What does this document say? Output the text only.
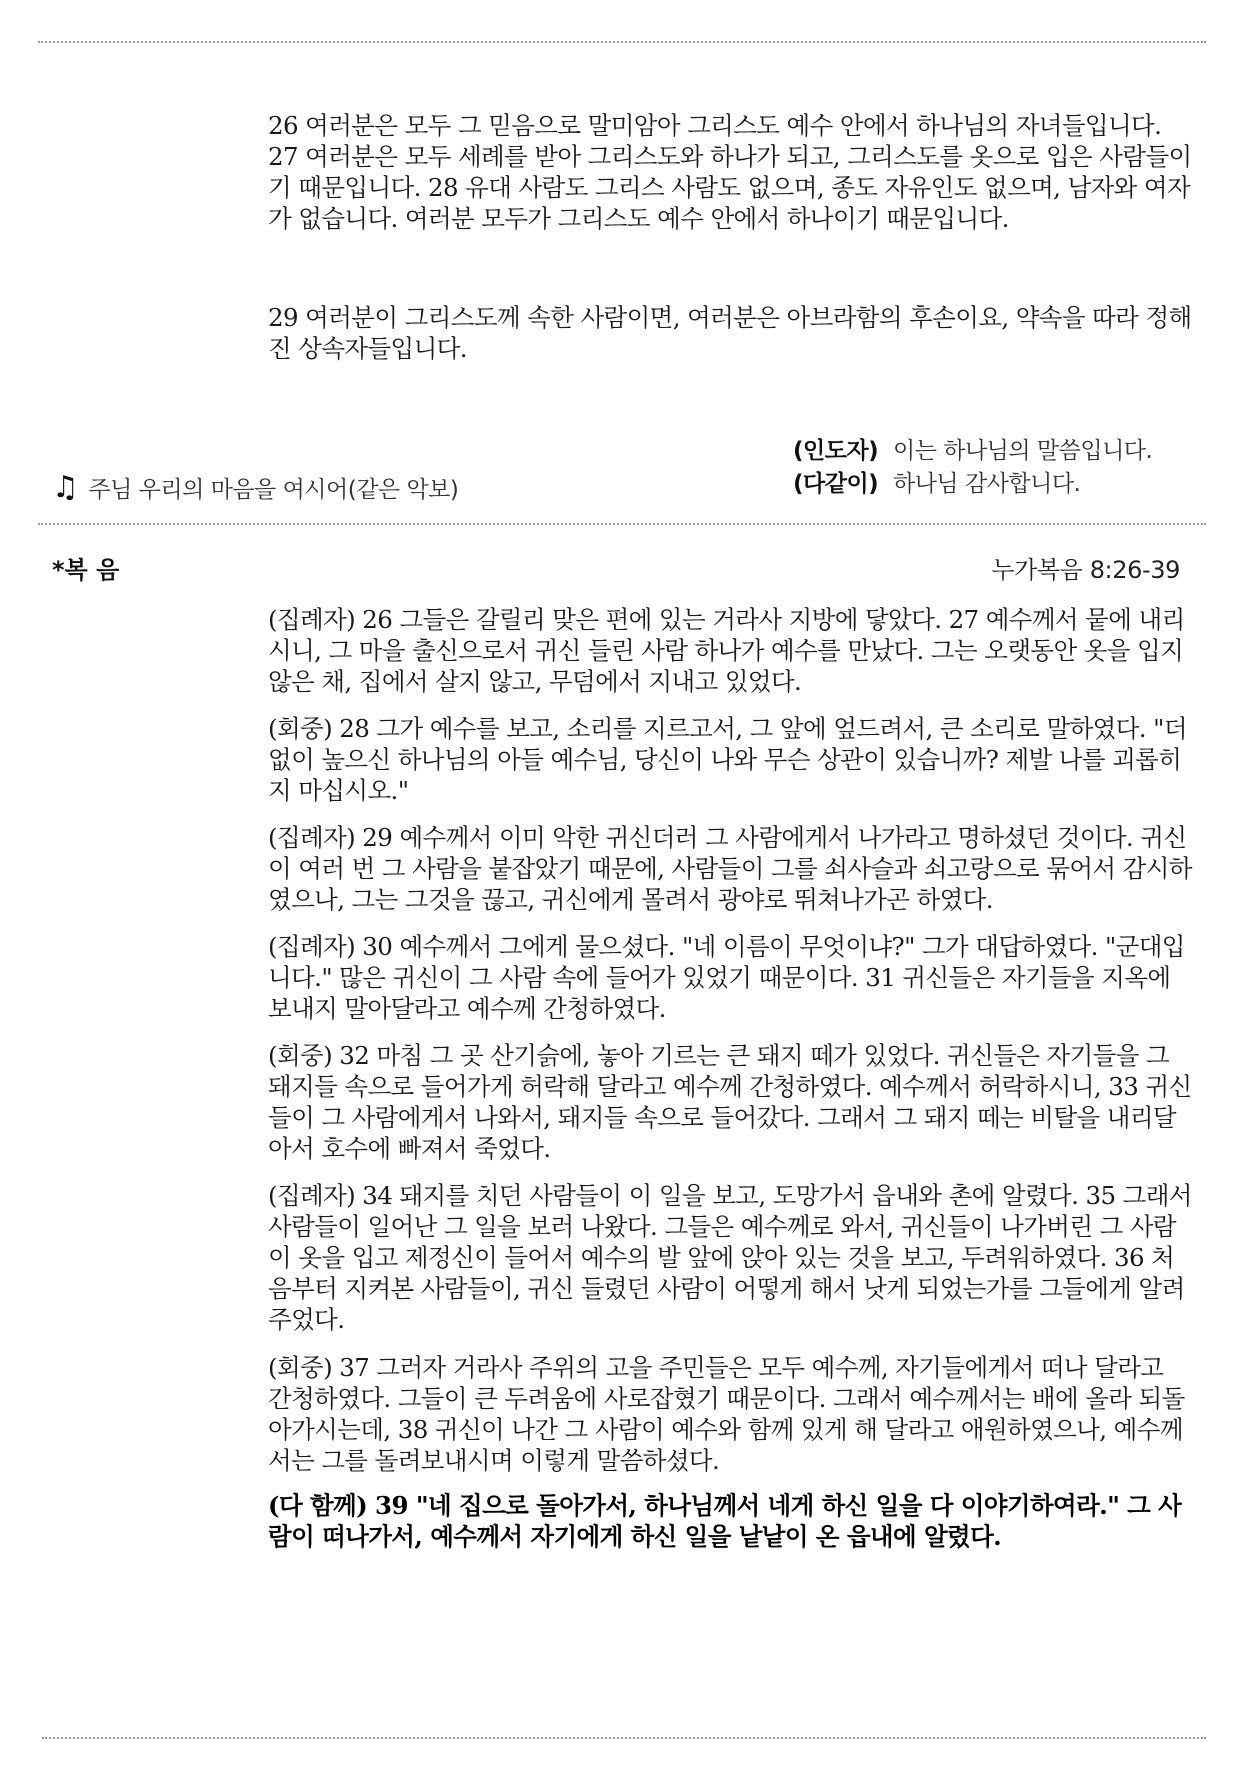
26 여러분은 모두 그 믿음으로 말미암아 그리스도 예수 안에서 하나님의 자녀들입니다. 27 여러분은 모두 세례를 받아 그리스도와 하나가 되고, 그리스도를 옷으로 입은 사람들이기 때문입니다. 28 유대 사람도 그리스 사람도 없으며, 종도 자유인도 없으며, 남자와 여자가 없습니다. 여러분 모두가 그리스도 예수 안에서 하나이기 때문입니다.

29 여러분이 그리스도께 속한 사람이면, 여러분은 아브라함의 후손이요, 약속을 따라 정해진 상속자들입니다.

♫ 주님 우리의 마음을 여시어(같은 악보)
(인도자) 이는 하나님의 말씀입니다.
(다같이) 하나님 감사합니다.
*복 음	누가복음 8:26-39

(집례자) 26 그들은 갈릴리 맞은 편에 있는 거라사 지방에 닿았다. 27 예수께서 뭍에 내리시니, 그 마을 출신으로서 귀신 들린 사람 하나가 예수를 만났다. 그는 오랫동안 옷을 입지 않은 채, 집에서 살지 않고, 무덤에서 지내고 있었다.

(회중) 28 그가 예수를 보고, 소리를 지르고서, 그 앞에 엎드려서, 큰 소리로 말하였다. "더없이 높으신 하나님의 아들 예수님, 당신이 나와 무슨 상관이 있습니까? 제발 나를 괴롭히지 마십시오."

(집례자) 29 예수께서 이미 악한 귀신더러 그 사람에게서 나가라고 명하셨던 것이다. 귀신이 여러 번 그 사람을 붙잡았기 때문에, 사람들이 그를 쇠사슬과 쇠고랑으로 묶어서 감시하였으나, 그는 그것을 끊고, 귀신에게 몰려서 광야로 뛰쳐나가곤 하였다.

(집례자) 30 예수께서 그에게 물으셨다. "네 이름이 무엇이냐?" 그가 대답하였다. "군대입니다." 많은 귀신이 그 사람 속에 들어가 있었기 때문이다. 31 귀신들은 자기들을 지옥에 보내지 말아달라고 예수께 간청하였다.

(회중) 32 마침 그 곳 산기슭에, 놓아 기르는 큰 돼지 떼가 있었다. 귀신들은 자기들을 그 돼지들 속으로 들어가게 허락해 달라고 예수께 간청하였다. 예수께서 허락하시니, 33 귀신들이 그 사람에게서 나와서, 돼지들 속으로 들어갔다. 그래서 그 돼지 떼는 비탈을 내리달아서 호수에 빠져서 죽었다.

(집례자) 34 돼지를 치던 사람들이 이 일을 보고, 도망가서 읍내와 촌에 알렸다. 35 그래서 사람들이 일어난 그 일을 보러 나왔다. 그들은 예수께로 와서, 귀신들이 나가버린 그 사람이 옷을 입고 제정신이 들어서 예수의 발 앞에 앉아 있는 것을 보고, 두려워하였다. 36 처음부터 지켜본 사람들이, 귀신 들렸던 사람이 어떻게 해서 낫게 되었는가를 그들에게 알려 주었다.

(회중) 37 그러자 거라사 주위의 고을 주민들은 모두 예수께, 자기들에게서 떠나 달라고 간청하였다. 그들이 큰 두려움에 사로잡혔기 때문이다. 그래서 예수께서는 배에 올라 되돌아가시는데, 38 귀신이 나간 그 사람이 예수와 함께 있게 해 달라고 애원하였으나, 예수께서는 그를 돌려보내시며 이렇게 말씀하셨다.

(다 함께) 39 "네 집으로 돌아가서, 하나님께서 네게 하신 일을 다 이야기하여라." 그 사람이 떠나가서, 예수께서 자기에게 하신 일을 낱낱이 온 읍내에 알렸다.
